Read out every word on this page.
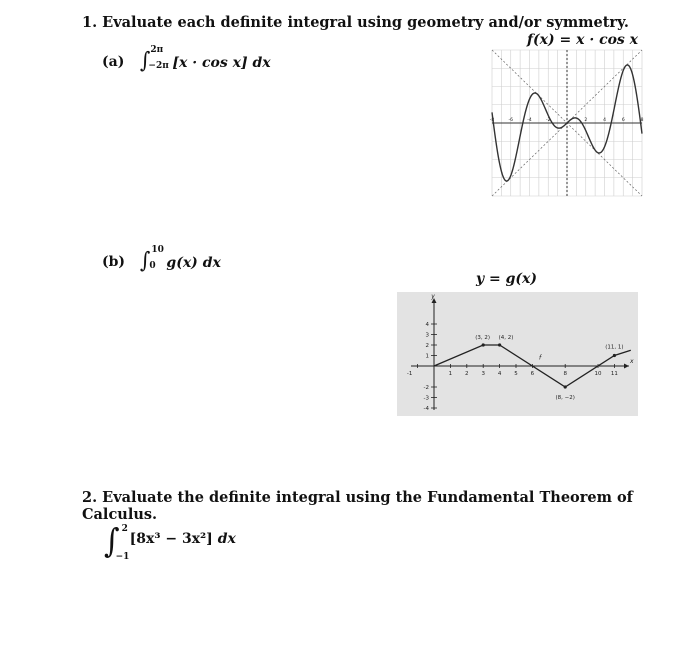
1. Evaluate each definite integral using geometry and/or symmetry.
(a) ∫ 2π
−2π [x · cos x] dx
f(x) = x · cos x
-8	-6	-4	-2	2	4	6	8
(b) ∫ 10
0 g(x) dx
y = g(x)
x
y
-1	1 2 3 4 5 6	8	10 11
4
3
2
1
-2
-3
-4
(3, 2) (4, 2)
(8, −2)
(11, 1)
f
2. Evaluate the definite integral using the Fundamental Theorem of Calculus.
∫ 2
−1
[8x³ − 3x²] dx
